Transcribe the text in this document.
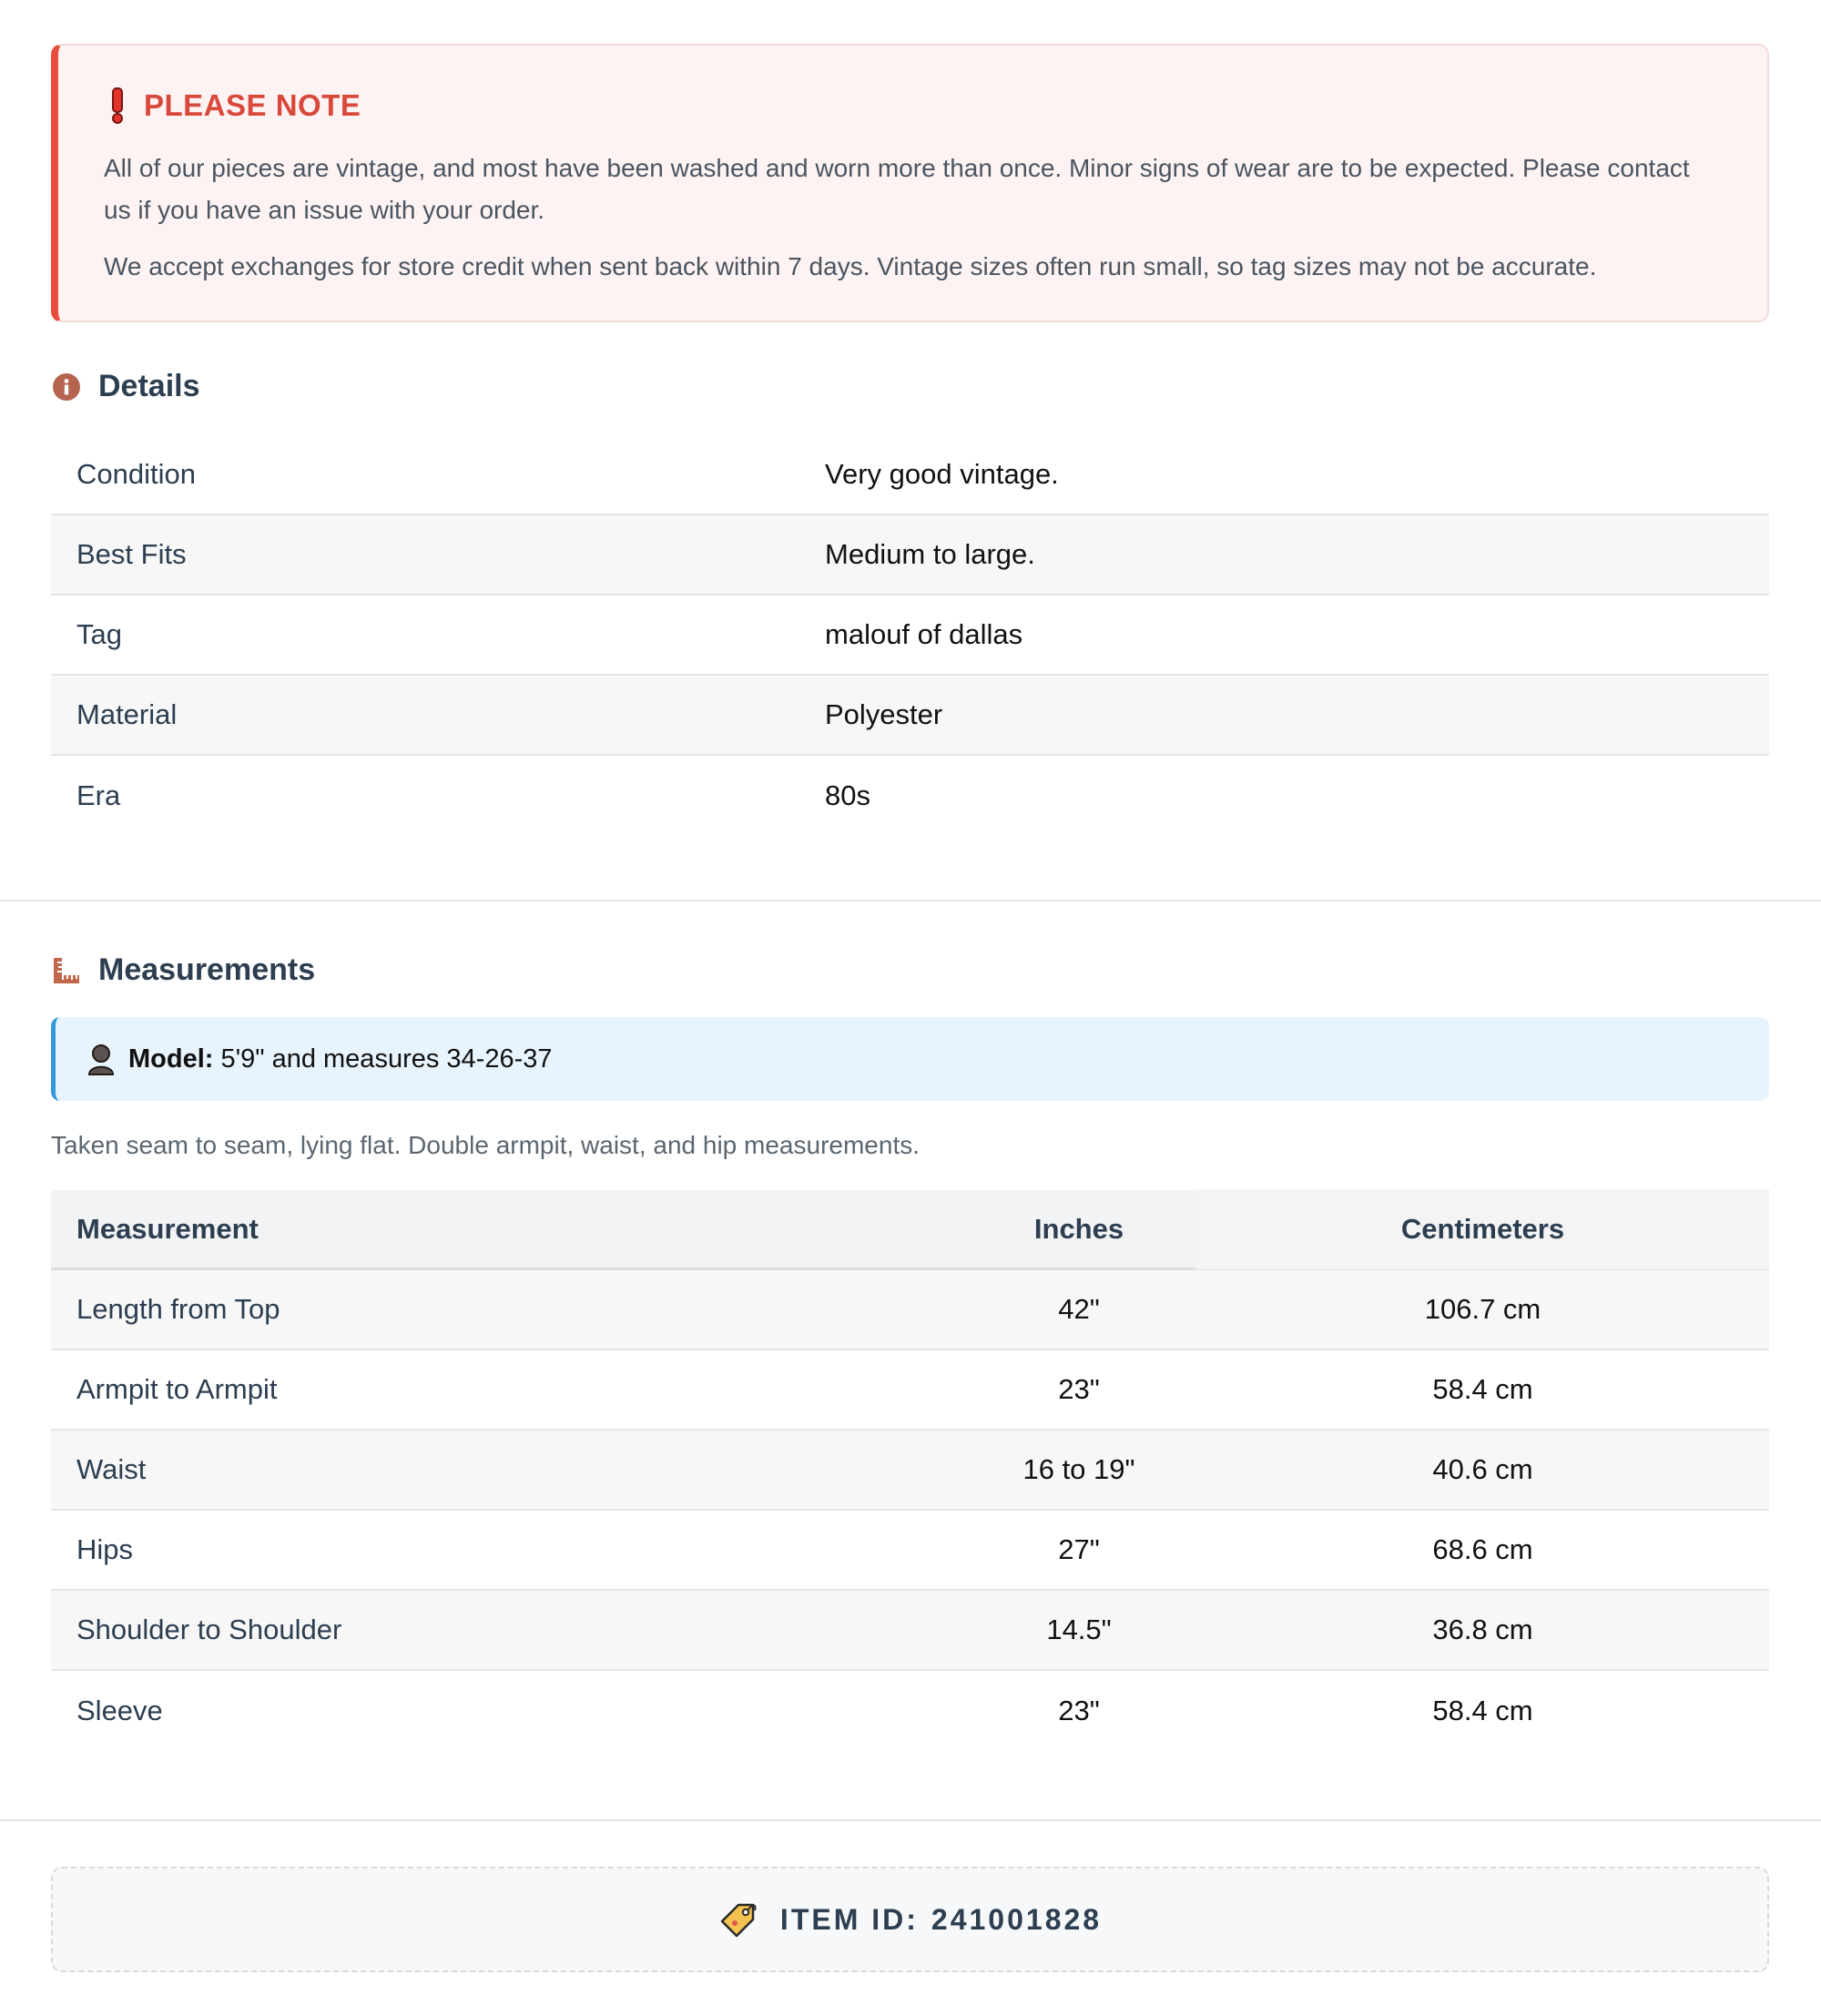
PLEASE NOTE

All of our pieces are vintage, and most have been washed and worn more than once. Minor signs of wear are to be expected. Please contact us if you have an issue with your order.

We accept exchanges for store credit when sent back within 7 days. Vintage sizes often run small, so tag sizes may not be accurate.

Details
Condition	Very good vintage.
Best Fits	Medium to large.
Tag	malouf of dallas
Material	Polyester
Era	80s
Measurements
Model: 5'9" and measures 34-26-37
Taken seam to seam, lying flat. Double armpit, waist, and hip measurements.
Measurement	Inches	Centimeters
Length from Top	42"	106.7 cm
Armpit to Armpit	23"	58.4 cm
Waist	16 to 19"	40.6 cm
Hips	27"	68.6 cm
Shoulder to Shoulder	14.5"	36.8 cm
Sleeve	23"	58.4 cm
ITEM ID: 241001828
